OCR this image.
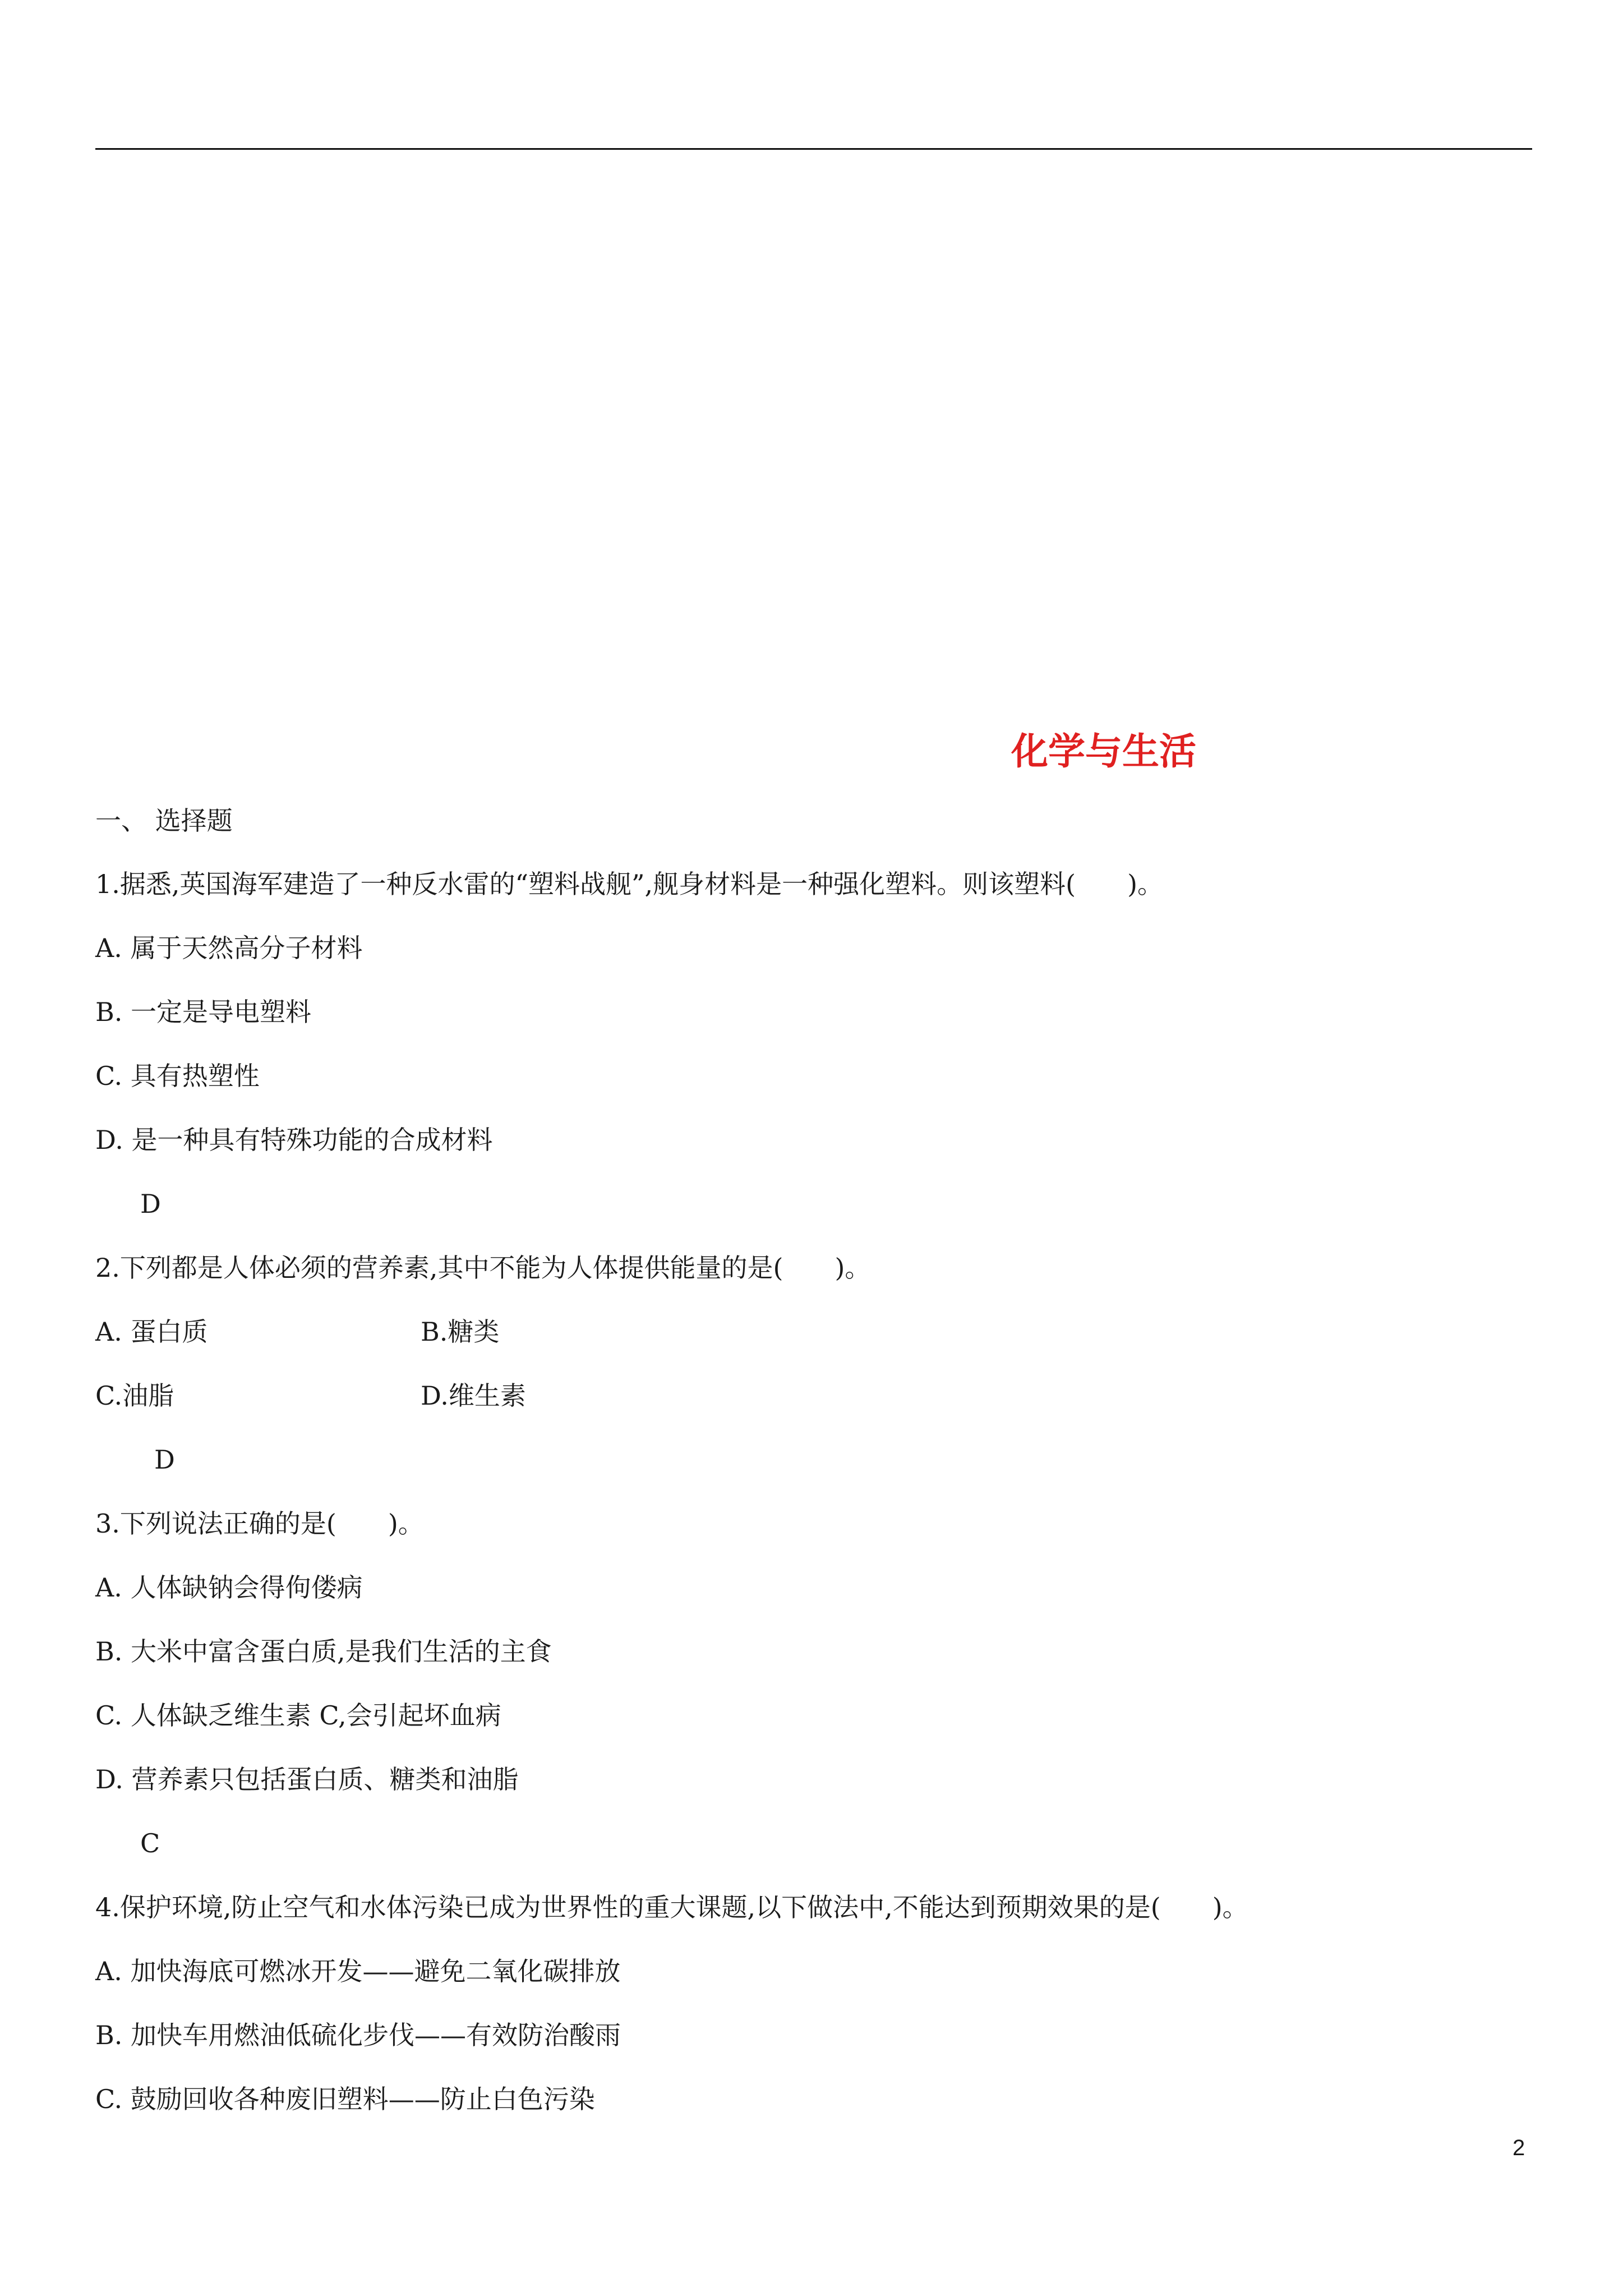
化学与生活
一、 选择题
1.据悉,英国海军建造了一种反水雷的“塑料战舰”,舰身材料是一种强化塑料。则该塑料(　　)。
A. 属于天然高分子材料
B. 一定是导电塑料
C. 具有热塑性
D. 是一种具有特殊功能的合成材料
D
2.下列都是人体必须的营养素,其中不能为人体提供能量的是(　　)。
A. 蛋白质	B.糖类
C.油脂	D.维生素
D
3.下列说法正确的是(　　)。
A. 人体缺钠会得佝偻病
B. 大米中富含蛋白质,是我们生活的主食
C. 人体缺乏维生素 C,会引起坏血病
D. 营养素只包括蛋白质、糖类和油脂
C
4.保护环境,防止空气和水体污染已成为世界性的重大课题,以下做法中,不能达到预期效果的是(　　)。
A. 加快海底可燃冰开发——避免二氧化碳排放
B. 加快车用燃油低硫化步伐——有效防治酸雨
C. 鼓励回收各种废旧塑料——防止白色污染
2
